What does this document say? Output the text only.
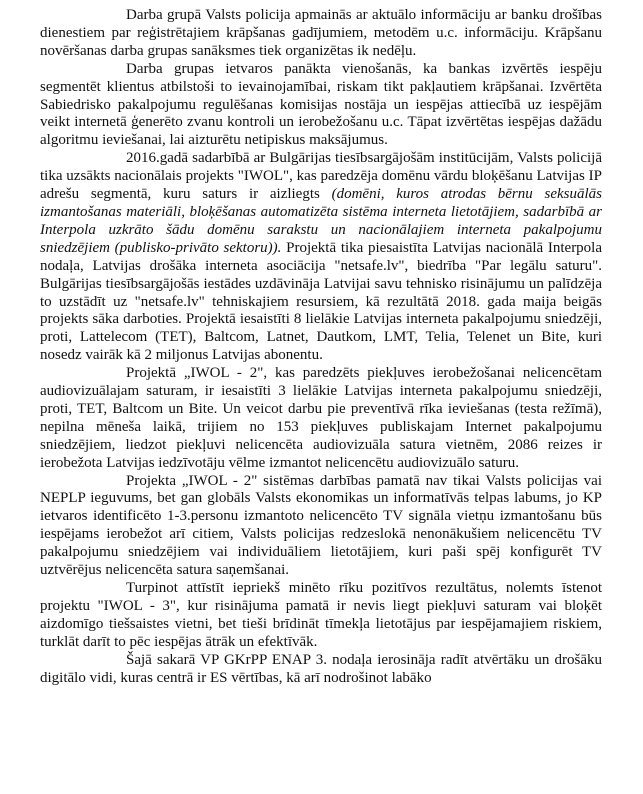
Darba grupā Valsts policija apmainās ar aktuālo informāciju ar banku drošības dienestiem par reģistrētajiem krāpšanas gadījumiem, metodēm u.c. informāciju. Krāpšanu novēršanas darba grupas sanāksmes tiek organizētas ik nedēļu.

Darba grupas ietvaros panākta vienošanās, ka bankas izvērtēs iespēju segmentēt klientus atbilstoši to ievainojamībai, riskam tikt pakļautiem krāpšanai. Izvērtēta Sabiedrisko pakalpojumu regulēšanas komisijas nostāja un iespējas attiecībā uz iespējām veikt internetā ģenerēto zvanu kontroli un ierobežošanu u.c. Tāpat izvērtētas iespējas dažādu algoritmu ieviešanai, lai aizturētu netipiskus maksājumus.

2016.gadā sadarbībā ar Bulgārijas tiesībsargājošām institūcijām, Valsts policijā tika uzsākts nacionālais projekts "IWOL", kas paredzēja domēnu vārdu bloķēšanu Latvijas IP adrešu segmentā, kuru saturs ir aizliegts (domēni, kuros atrodas bērnu seksuālās izmantošanas materiāli, bloķēšanas automatizēta sistēma interneta lietotājiem, sadarbībā ar Interpola uzkrāto šādu domēnu sarakstu un nacionālajiem interneta pakalpojumu sniedzējiem (publisko-privāto sektoru)). Projektā tika piesaistīta Latvijas nacionālā Interpola nodaļa, Latvijas drošāka interneta asociācija "netsafe.lv", biedrība "Par legālu saturu". Bulgārijas tiesībsargājošās iestādes uzdāvināja Latvijai savu tehnisko risinājumu un palīdzēja to uzstādīt uz "netsafe.lv" tehniskajiem resursiem, kā rezultātā 2018. gada maija beigās projekts sāka darboties. Projektā iesaistīti 8 lielākie Latvijas interneta pakalpojumu sniedzēji, proti, Lattelecom (TET), Baltcom, Latnet, Dautkom, LMT, Telia, Telenet un Bite, kuri nosedz vairāk kā 2 miljonus Latvijas abonentu.

Projektā „IWOL - 2", kas paredzēts piekļuves ierobežošanai nelicencētam audiovizuālajam saturam, ir iesaistīti 3 lielākie Latvijas interneta pakalpojumu sniedzēji, proti, TET, Baltcom un Bite. Un veicot darbu pie preventīvā rīka ieviešanas (testa režīmā), nepilna mēneša laikā, trijiem no 153 piekļuves publiskajam Internet pakalpojumu sniedzējiem, liedzot piekļuvi nelicencēta audiovizuāla satura vietnēm, 2086 reizes ir ierobežota Latvijas iedzīvotāju vēlme izmantot nelicencētu audiovizuālo saturu.

Projekta „IWOL - 2" sistēmas darbības pamatā nav tikai Valsts policijas vai NEPLP ieguvums, bet gan globāls Valsts ekonomikas un informatīvās telpas labums, jo KP ietvaros identificēto 1-3.personu izmantoto nelicencēto TV signāla vietņu izmantošanu būs iespējams ierobežot arī citiem, Valsts policijas redzeslokā nenonākušiem nelicencētu TV pakalpojumu sniedzējiem vai individuāliem lietotājiem, kuri paši spēj konfigurēt TV uztvērējus nelicencēta satura saņemšanai.

Turpinot attīstīt iepriekš minēto rīku pozitīvos rezultātus, nolemts īstenot projektu "IWOL - 3", kur risinājuma pamatā ir nevis liegt piekļuvi saturam vai bloķēt aizdomīgo tiešsaistes vietni, bet tieši brīdināt tīmekļa lietotājus par iespējamajiem riskiem, turklāt darīt to pēc iespējas ātrāk un efektīvāk.

Šajā sakarā VP GKrPP ENAP 3. nodaļa ierosināja radīt atvērtāku un drošāku digitālo vidi, kuras centrā ir ES vērtības, kā arī nodrošinot labāko
